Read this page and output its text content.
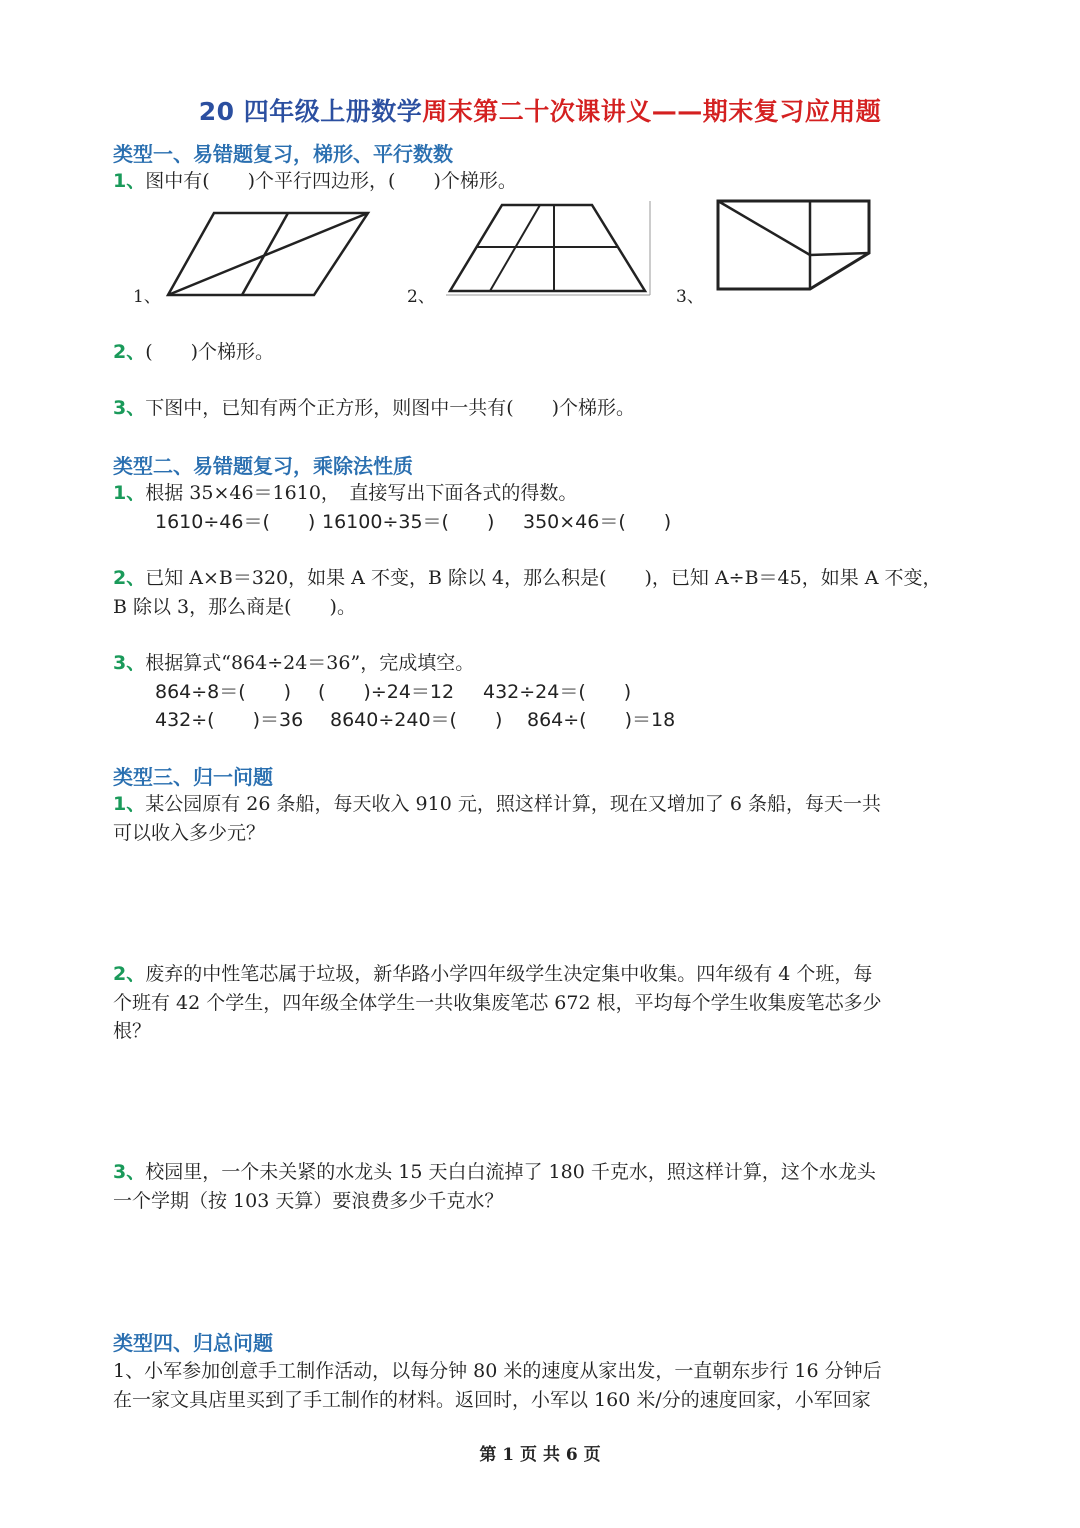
20 四年级上册数学周末第二十次课讲义——期末复习应用题
类型一、易错题复习，梯形、平行数数
1、图中有(　　)个平行四边形，(　　)个梯形。
1、	2、	3、
2、(　　)个梯形。
3、下图中，已知有两个正方形，则图中一共有(　　)个梯形。
类型二、易错题复习，乘除法性质
1、根据 35×46＝1610，　直接写出下面各式的得数。
1610÷46＝(　　) 16100÷35＝(　　) 350×46＝(　　)
2、已知 A×B＝320，如果 A 不变，B 除以 4，那么积是(　　)，已知 A÷B＝45，如果 A 不变，
B 除以 3，那么商是(　　)。
3、根据算式“864÷24＝36”，完成填空。
864÷8＝(　　) (　　)÷24＝12 432÷24＝(　　)
432÷(　　)＝36 8640÷240＝(　　) 864÷(　　)＝18
类型三、归一问题
1、某公园原有 26 条船，每天收入 910 元，照这样计算，现在又增加了 6 条船，每天一共
可以收入多少元？
2、废弃的中性笔芯属于垃圾，新华路小学四年级学生决定集中收集。四年级有 4 个班，每
个班有 42 个学生，四年级全体学生一共收集废笔芯 672 根，平均每个学生收集废笔芯多少
根？
3、校园里，一个未关紧的水龙头 15 天白白流掉了 180 千克水，照这样计算，这个水龙头
一个学期（按 103 天算）要浪费多少千克水？
类型四、归总问题
1、小军参加创意手工制作活动，以每分钟 80 米的速度从家出发，一直朝东步行 16 分钟后
在一家文具店里买到了手工制作的材料。返回时，小军以 160 米/分的速度回家，小军回家
第 1 页 共 6 页
